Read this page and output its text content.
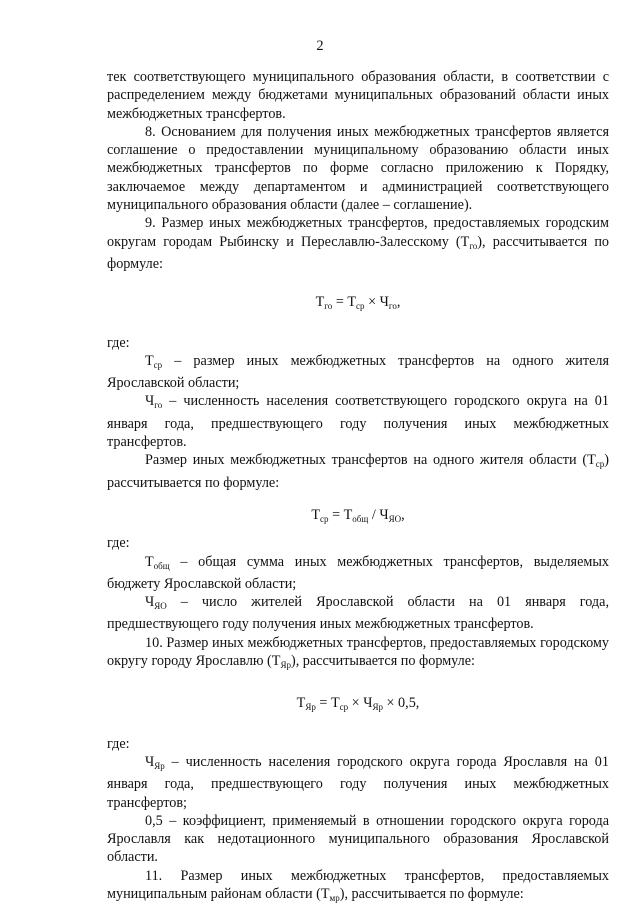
2

тек соответствующего муниципального образования области, в соответствии с распределением между бюджетами муниципальных образований области иных межбюджетных трансфертов.

8. Основанием для получения иных межбюджетных трансфертов является соглашение о предоставлении муниципальному образованию области иных межбюджетных трансфертов по форме согласно приложению к Порядку, заключаемое между департаментом и администрацией соответствующего муниципального образования области (далее – соглашение).

9. Размер иных межбюджетных трансфертов, предоставляемых городским округам городам Рыбинску и Переславлю-Залесскому $(Т_{го})$, рассчитывается по формуле:

$Т_{го} = Т_{ср} \times Ч_{го}$,

где:

$Т_{ср}$ – размер иных межбюджетных трансфертов на одного жителя Ярославской области;

$Ч_{го}$ – численность населения соответствующего городского округа на 01 января года, предшествующего году получения иных межбюджетных трансфертов.

Размер иных межбюджетных трансфертов на одного жителя области $(Т_{ср})$ рассчитывается по формуле:

$Т_{ср} = Т_{общ} / Ч_{ЯО}$,

где:

$Т_{общ}$ – общая сумма иных межбюджетных трансфертов, выделяемых бюджету Ярославской области;

$Ч_{ЯО}$ – число жителей Ярославской области на 01 января года, предшествующего году получения иных межбюджетных трансфертов.

10. Размер иных межбюджетных трансфертов, предоставляемых городскому округу городу Ярославлю $(Т_{Яр})$, рассчитывается по формуле:

$Т_{Яр} = Т_{ср} \times Ч_{Яр} \times 0,5$,

где:

$Ч_{Яр}$ – численность населения городского округа города Ярославля на 01 января года, предшествующего году получения иных межбюджетных трансфертов;

0,5 – коэффициент, применяемый в отношении городского округа города Ярославля как недотационного муниципального образования Ярославской области.

11. Размер иных межбюджетных трансфертов, предоставляемых муниципальным районам области $(Т_{мр})$, рассчитывается по формуле:
